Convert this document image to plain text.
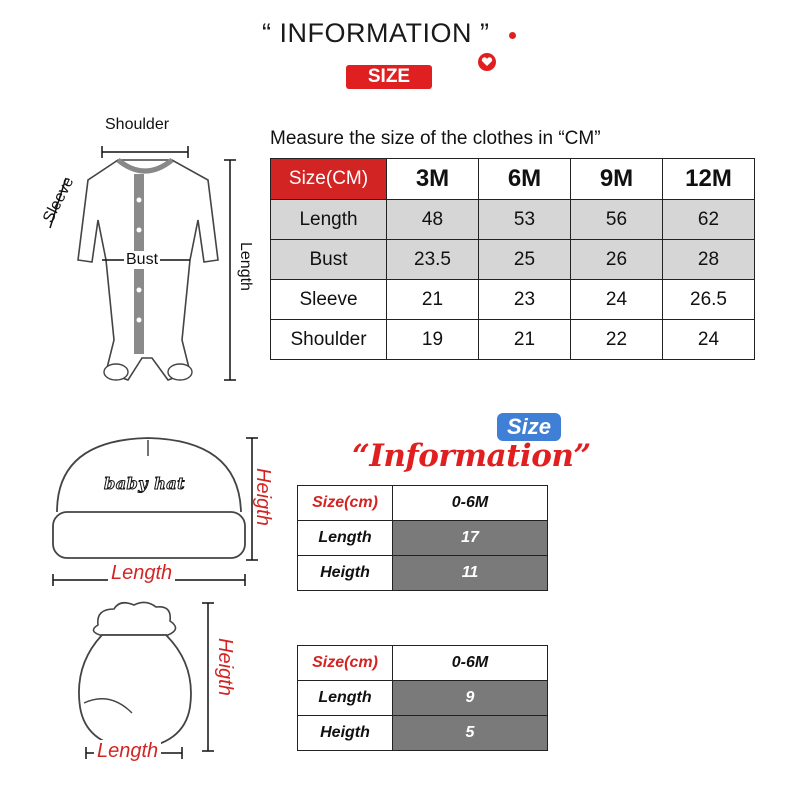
“ INFORMATION ”
SIZE
Shoulder
Sleeve
Bust	Length
Measure the size of the clothes in “CM”
Size(CM)	3M	6M	9M	12M
Length	48	53	56	62
Bust	23.5	25	26	28
Sleeve	21	23	24	26.5
Shoulder	19	21	22	24
Size
“Information”
baby hat	Heigth
Length
Size(cm)	0-6M
Length	17
Heigth	11
Heigth
Length
Size(cm)	0-6M
Length	9
Heigth	5
